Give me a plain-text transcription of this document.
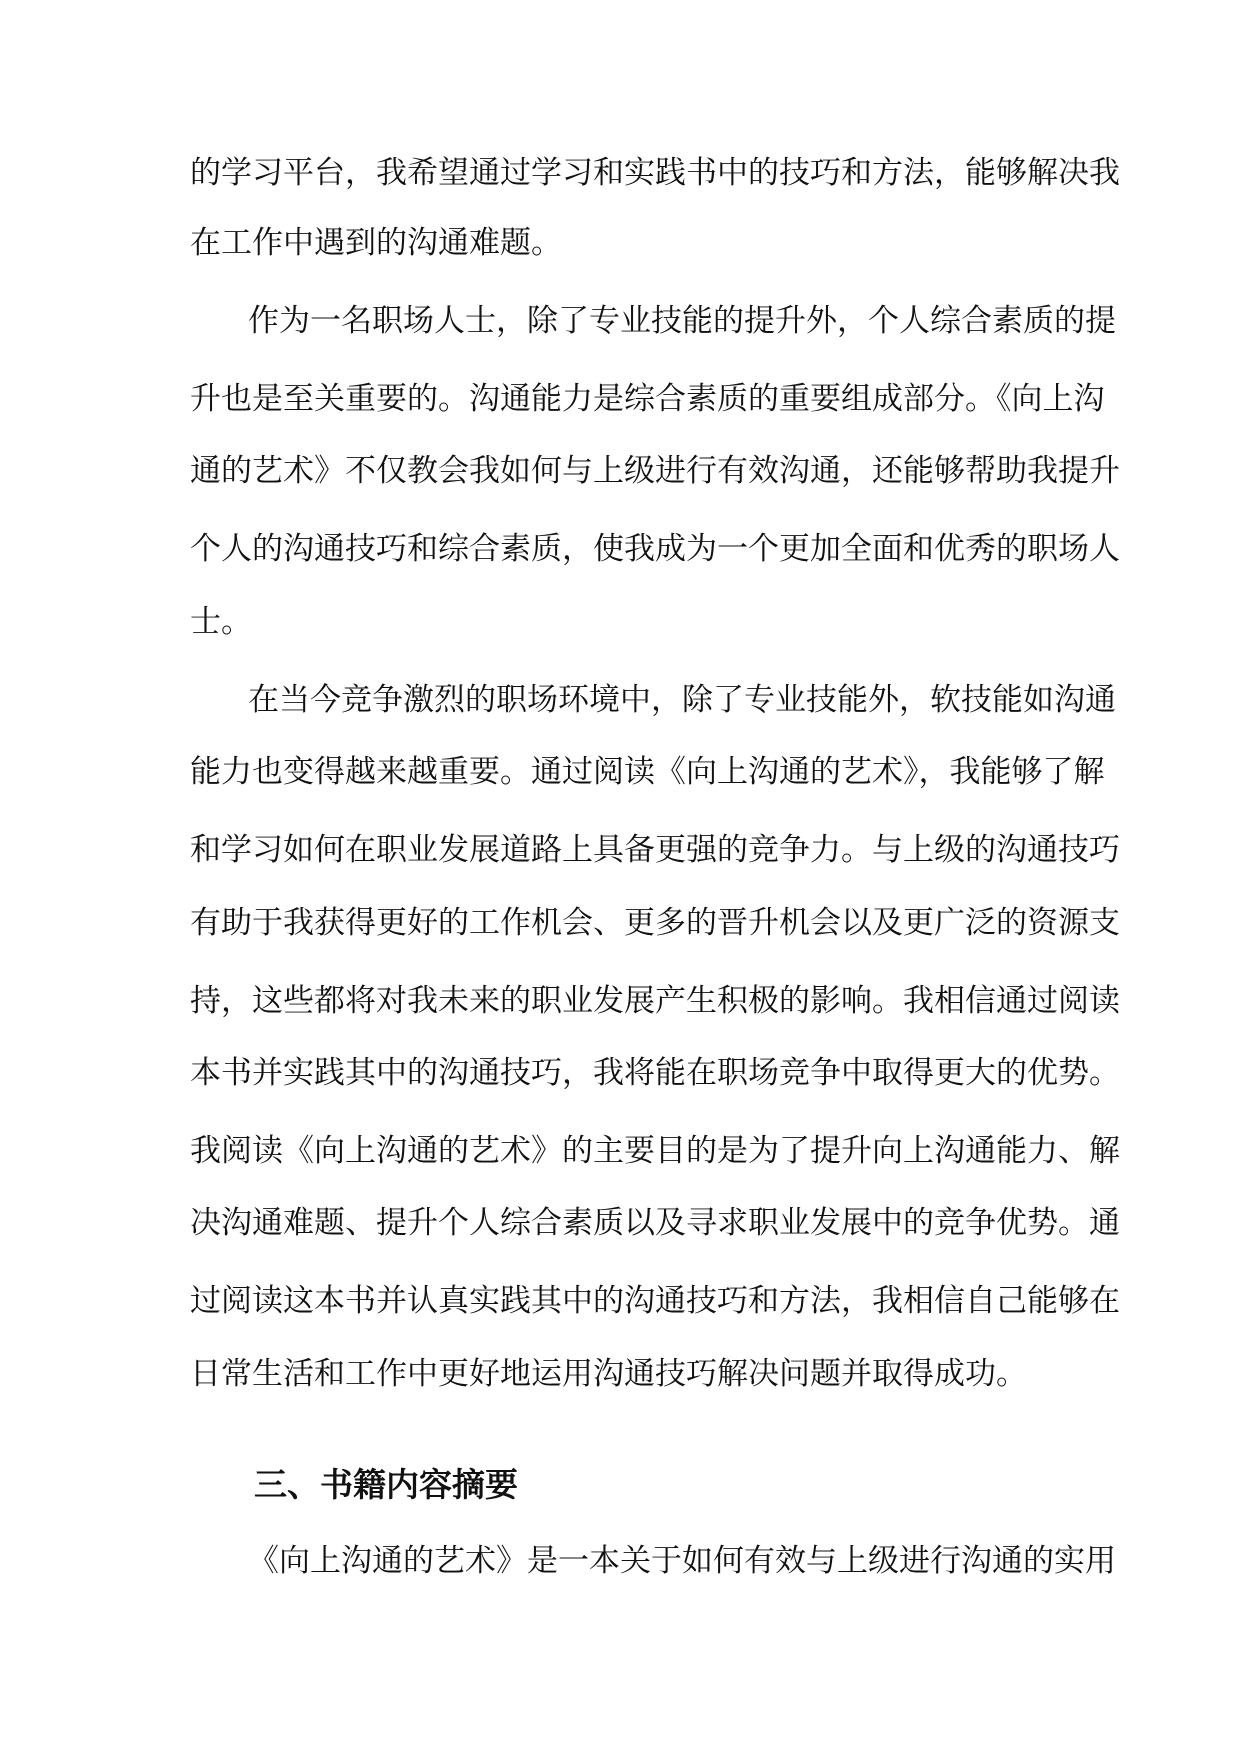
的学习平台，我希望通过学习和实践书中的技巧和方法，能够解决我
在工作中遇到的沟通难题。
作为一名职场人士，除了专业技能的提升外，个人综合素质的提
升也是至关重要的。沟通能力是综合素质的重要组成部分。《向上沟
通的艺术》不仅教会我如何与上级进行有效沟通，还能够帮助我提升
个人的沟通技巧和综合素质，使我成为一个更加全面和优秀的职场人
士。
在当今竞争激烈的职场环境中，除了专业技能外，软技能如沟通
能力也变得越来越重要。通过阅读《向上沟通的艺术》，我能够了解
和学习如何在职业发展道路上具备更强的竞争力。与上级的沟通技巧
有助于我获得更好的工作机会、更多的晋升机会以及更广泛的资源支
持，这些都将对我未来的职业发展产生积极的影响。我相信通过阅读
本书并实践其中的沟通技巧，我将能在职场竞争中取得更大的优势。
我阅读《向上沟通的艺术》的主要目的是为了提升向上沟通能力、解
决沟通难题、提升个人综合素质以及寻求职业发展中的竞争优势。通
过阅读这本书并认真实践其中的沟通技巧和方法，我相信自己能够在
日常生活和工作中更好地运用沟通技巧解决问题并取得成功。
三、书籍内容摘要
《向上沟通的艺术》是一本关于如何有效与上级进行沟通的实用
